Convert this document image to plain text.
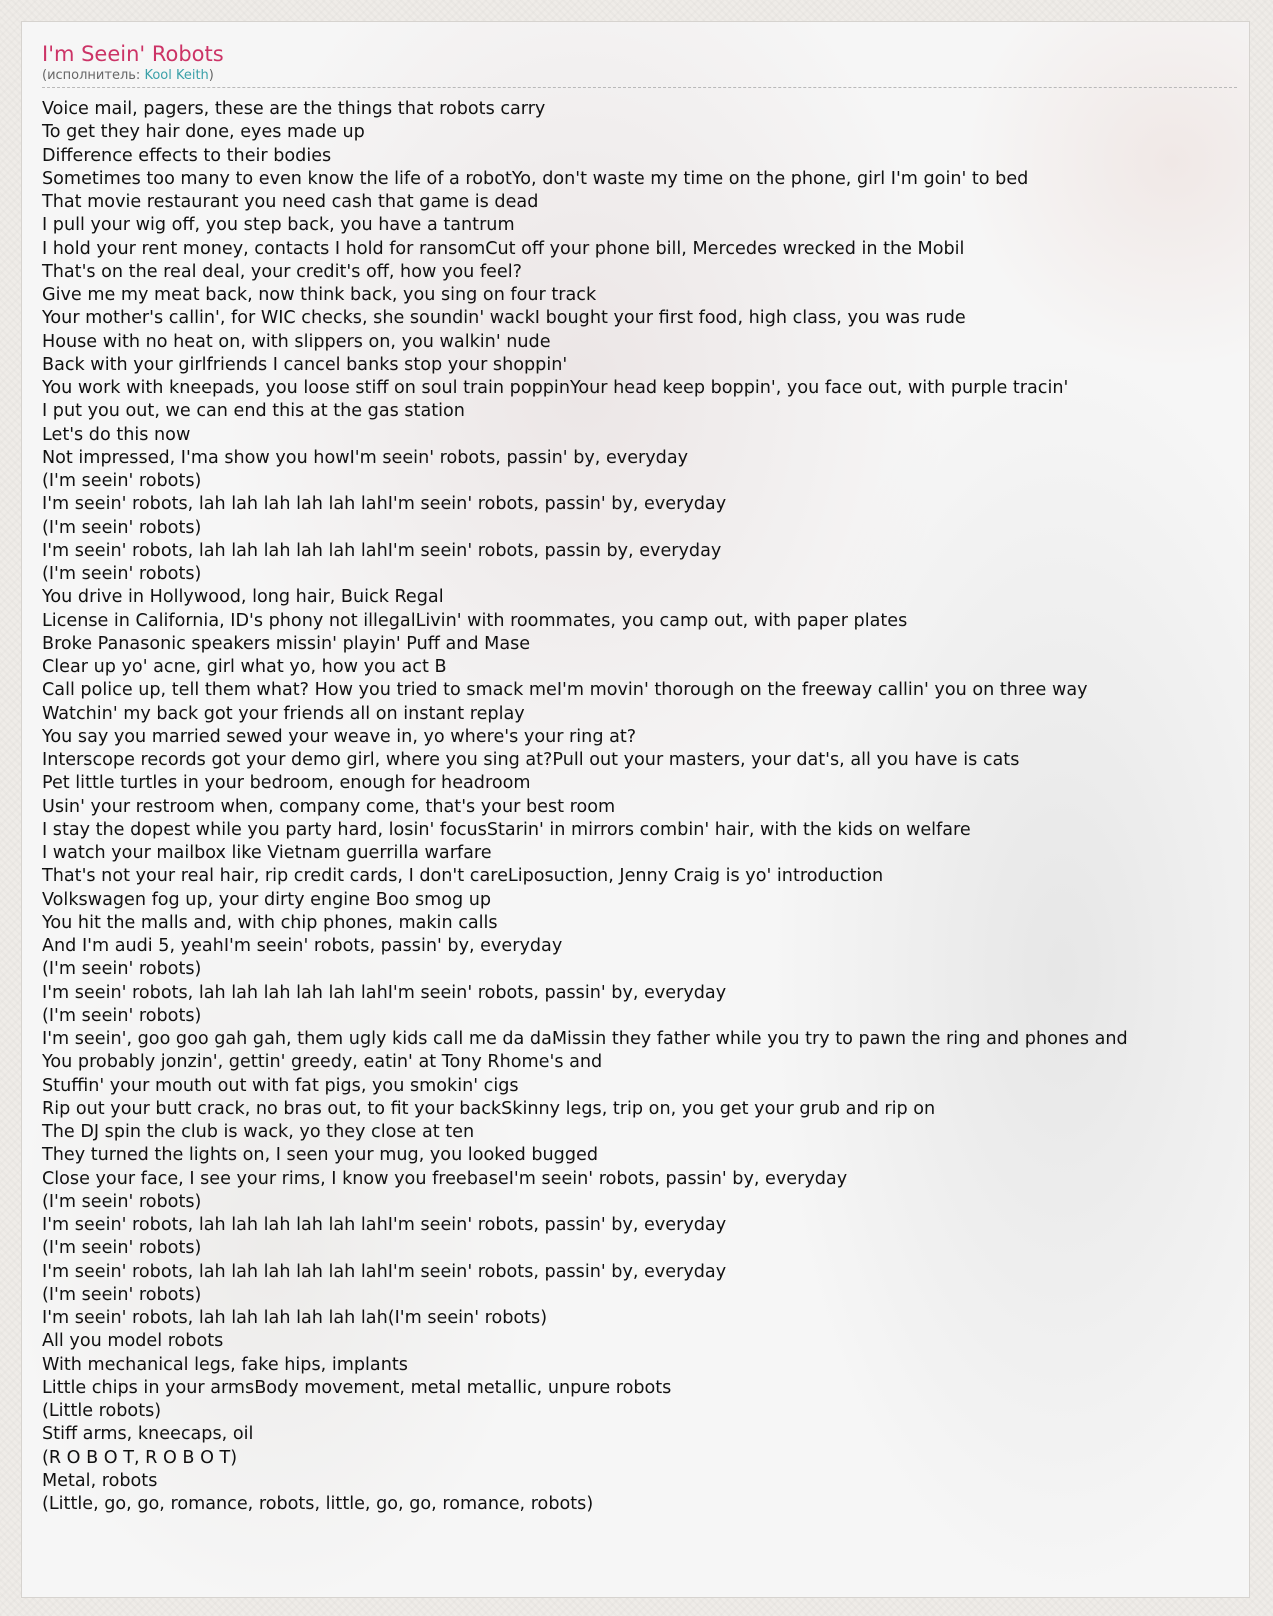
I'm Seein' Robots
(исполнитель: Kool Keith)
Voice mail, pagers, these are the things that robots carry
To get they hair done, eyes made up
Difference effects to their bodies
Sometimes too many to even know the life of a robotYo, don't waste my time on the phone, girl I'm goin' to bed
That movie restaurant you need cash that game is dead
I pull your wig off, you step back, you have a tantrum
I hold your rent money, contacts I hold for ransomCut off your phone bill, Mercedes wrecked in the Mobil
That's on the real deal, your credit's off, how you feel?
Give me my meat back, now think back, you sing on four track
Your mother's callin', for WIC checks, she soundin' wackI bought your first food, high class, you was rude
House with no heat on, with slippers on, you walkin' nude
Back with your girlfriends I cancel banks stop your shoppin'
You work with kneepads, you loose stiff on soul train poppinYour head keep boppin', you face out, with purple tracin'
I put you out, we can end this at the gas station
Let's do this now
Not impressed, I'ma show you howI'm seein' robots, passin' by, everyday
(I'm seein' robots)
I'm seein' robots, lah lah lah lah lah lahI'm seein' robots, passin' by, everyday
(I'm seein' robots)
I'm seein' robots, lah lah lah lah lah lahI'm seein' robots, passin by, everyday
(I'm seein' robots)
You drive in Hollywood, long hair, Buick Regal
License in California, ID's phony not illegalLivin' with roommates, you camp out, with paper plates
Broke Panasonic speakers missin' playin' Puff and Mase
Clear up yo' acne, girl what yo, how you act B
Call police up, tell them what? How you tried to smack meI'm movin' thorough on the freeway callin' you on three way
Watchin' my back got your friends all on instant replay
You say you married sewed your weave in, yo where's your ring at?
Interscope records got your demo girl, where you sing at?Pull out your masters, your dat's, all you have is cats
Pet little turtles in your bedroom, enough for headroom
Usin' your restroom when, company come, that's your best room
I stay the dopest while you party hard, losin' focusStarin' in mirrors combin' hair, with the kids on welfare
I watch your mailbox like Vietnam guerrilla warfare
That's not your real hair, rip credit cards, I don't careLiposuction, Jenny Craig is yo' introduction
Volkswagen fog up, your dirty engine Boo smog up
You hit the malls and, with chip phones, makin calls
And I'm audi 5, yeahI'm seein' robots, passin' by, everyday
(I'm seein' robots)
I'm seein' robots, lah lah lah lah lah lahI'm seein' robots, passin' by, everyday
(I'm seein' robots)
I'm seein', goo goo gah gah, them ugly kids call me da daMissin they father while you try to pawn the ring and phones and
You probably jonzin', gettin' greedy, eatin' at Tony Rhome's and
Stuffin' your mouth out with fat pigs, you smokin' cigs
Rip out your butt crack, no bras out, to fit your backSkinny legs, trip on, you get your grub and rip on
The DJ spin the club is wack, yo they close at ten
They turned the lights on, I seen your mug, you looked bugged
Close your face, I see your rims, I know you freebaseI'm seein' robots, passin' by, everyday
(I'm seein' robots)
I'm seein' robots, lah lah lah lah lah lahI'm seein' robots, passin' by, everyday
(I'm seein' robots)
I'm seein' robots, lah lah lah lah lah lahI'm seein' robots, passin' by, everyday
(I'm seein' robots)
I'm seein' robots, lah lah lah lah lah lah(I'm seein' robots)
All you model robots
With mechanical legs, fake hips, implants
Little chips in your armsBody movement, metal metallic, unpure robots
(Little robots)
Stiff arms, kneecaps, oil
(R O B O T, R O B O T)
Metal, robots
(Little, go, go, romance, robots, little, go, go, romance, robots)
